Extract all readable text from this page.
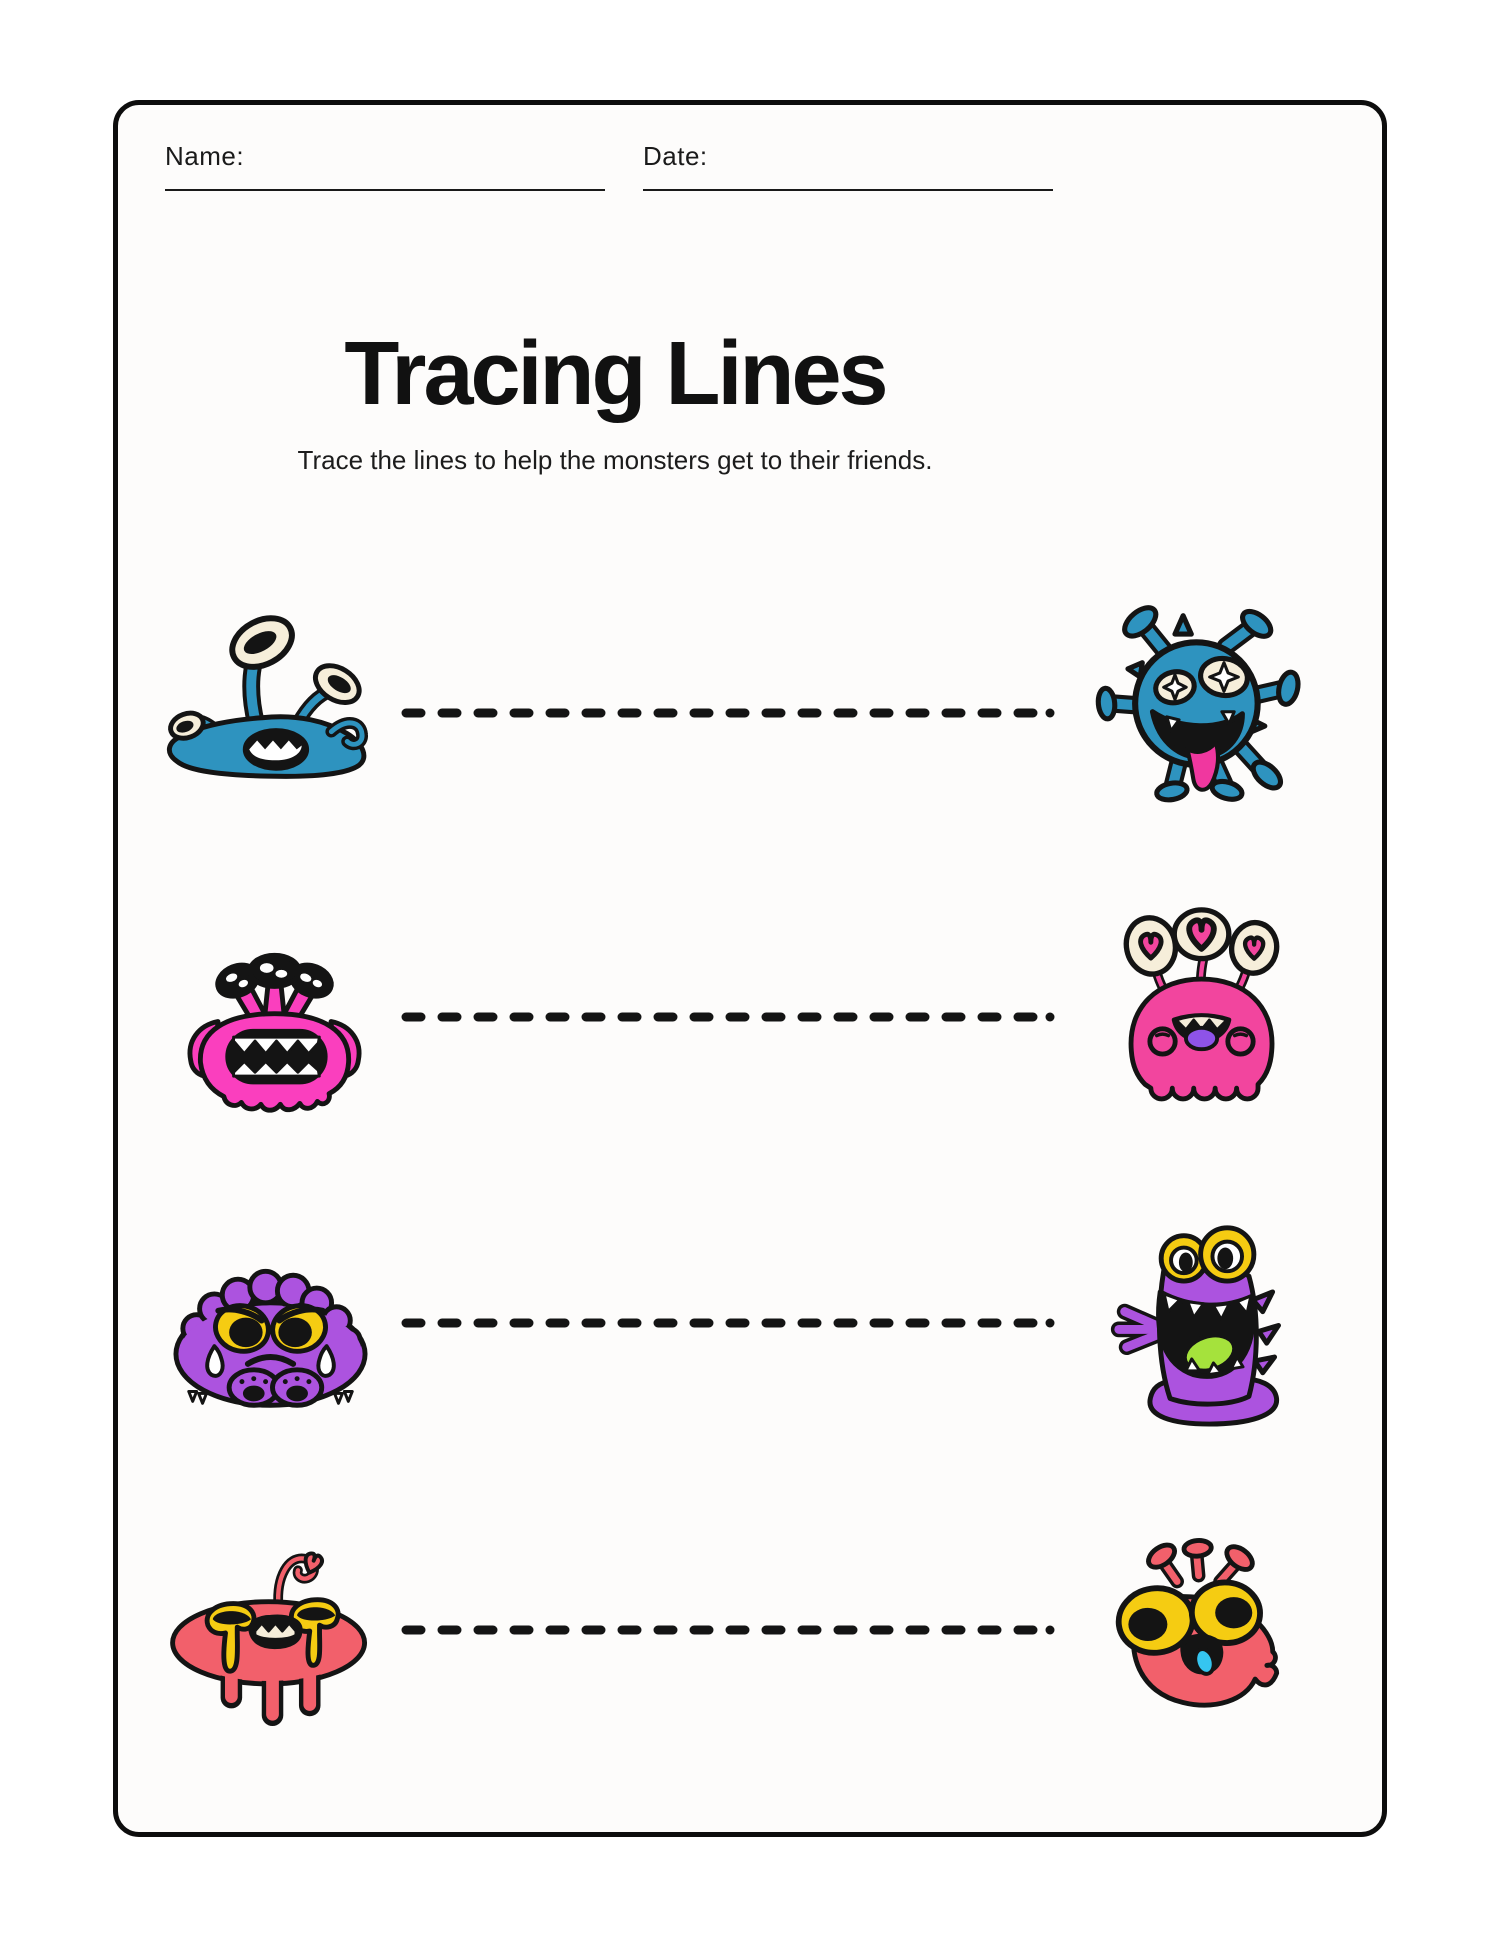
Name:	Date:
Tracing Lines

Trace the lines to help the monsters get to their friends.
